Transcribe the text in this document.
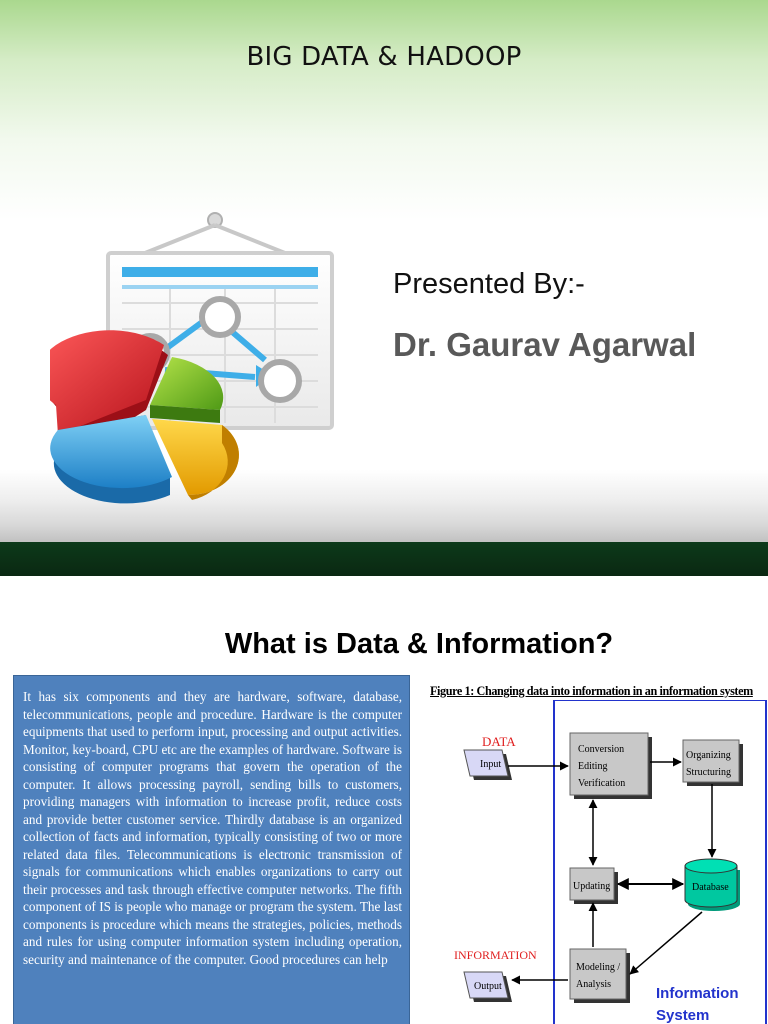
BIG DATA & HADOOP
Presented By:-
Dr. Gaurav Agarwal
What is Data & Information?
It has six components and they are hardware, software, database, telecommunications, people and procedure. Hardware is the computer equipments that used to perform input, processing and output activities. Monitor, key-board, CPU etc are the examples of hardware. Software is consisting of computer programs that govern the operation of the computer. It allows processing payroll, sending bills to customers, providing managers with information to increase profit, reduce costs and provide better customer service. Thirdly database is an organized collection of facts and information, typically consisting of two or more related data files. Telecommunications is electronic transmission of signals for communications which enables organizations to carry out their processes and task through effective computer networks. The fifth component of IS is people who manage or program the system. The last components is procedure which means the strategies, policies, methods and rules for using computer information system including operation, security and maintenance of the computer. Good procedures can help
Figure 1: Changing data into information in an information system
DATA
Input
Conversion
Editing
Verification
Organizing
Structuring
Updating	Database
Modeling /
Analysis
INFORMATION
Output	Information
System
